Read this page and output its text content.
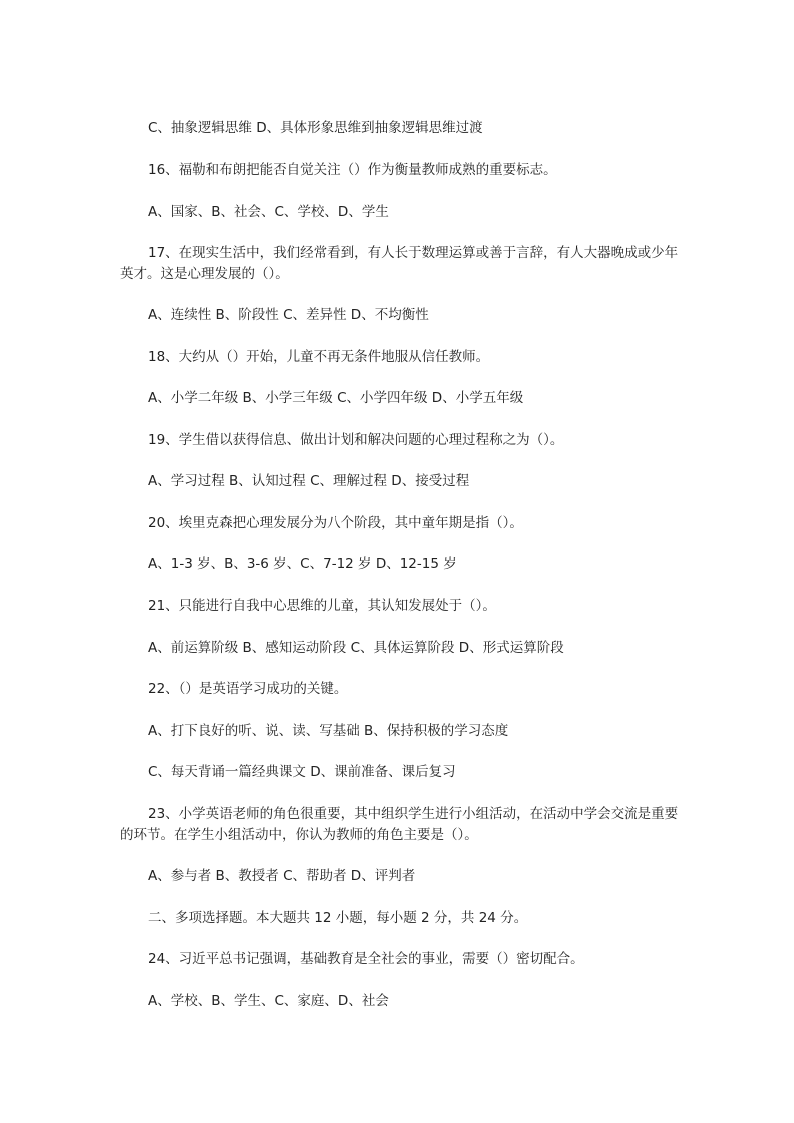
C、抽象逻辑思维 D、具体形象思维到抽象逻辑思维过渡

16、福勒和布朗把能否自觉关注（）作为衡量教师成熟的重要标志。

A、国家、B、社会、C、学校、D、学生

17、在现实生活中，我们经常看到，有人长于数理运算或善于言辞，有人大器晚成或少年英才。这是心理发展的（）。

A、连续性 B、阶段性 C、差异性 D、不均衡性

18、大约从（）开始，儿童不再无条件地服从信任教师。

A、小学二年级 B、小学三年级 C、小学四年级 D、小学五年级

19、学生借以获得信息、做出计划和解决问题的心理过程称之为（）。

A、学习过程 B、认知过程 C、理解过程 D、接受过程

20、埃里克森把心理发展分为八个阶段，其中童年期是指（）。

A、1-3 岁、B、3-6 岁、C、7-12 岁 D、12-15 岁

21、只能进行自我中心思维的儿童，其认知发展处于（）。

A、前运算阶级 B、感知运动阶段 C、具体运算阶段 D、形式运算阶段

22、（）是英语学习成功的关键。

A、打下良好的听、说、读、写基础 B、保持积极的学习态度

C、每天背诵一篇经典课文 D、课前准备、课后复习

23、小学英语老师的角色很重要，其中组织学生进行小组活动，在活动中学会交流是重要的环节。在学生小组活动中，你认为教师的角色主要是（）。

A、参与者 B、教授者 C、帮助者 D、评判者

二、多项选择题。本大题共 12 小题，每小题 2 分，共 24 分。

24、习近平总书记强调，基础教育是全社会的事业，需要（）密切配合。

A、学校、B、学生、C、家庭、D、社会
